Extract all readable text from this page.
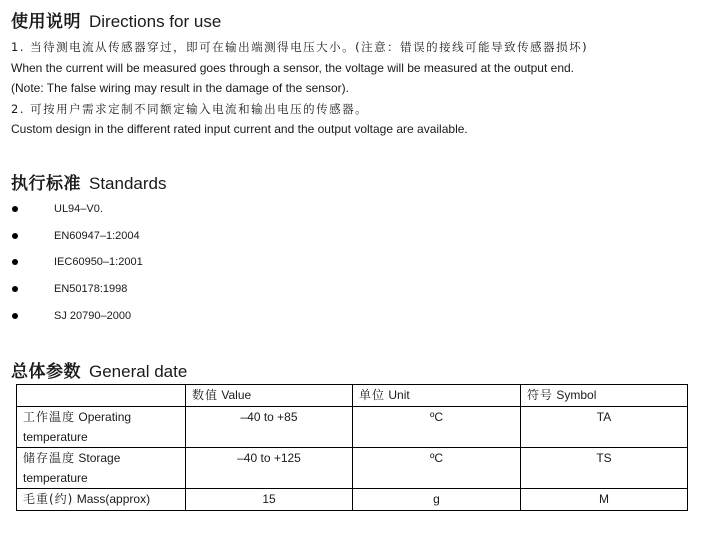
使用说明 Directions for use
1. 当待测电流从传感器穿过，即可在输出端测得电压大小。(注意：错误的接线可能导致传感器损坏)
When the current will be measured goes through a sensor, the voltage will be measured at the output end.
(Note: The false wiring may result in the damage of the sensor).
2. 可按用户需求定制不同额定输入电流和输出电压的传感器。
Custom design in the different rated input current and the output voltage are available.
执行标准 Standards
UL94–V0.
EN60947–1:2004
IEC60950–1:2001
EN50178:1998
SJ 20790–2000
总体参数 General date
	数值 Value	单位 Unit	符号 Symbol
工作温度 Operating
temperature	–40 to +85	ºC	TA
储存温度 Storage
temperature	–40 to +125	ºC	TS
毛重(约) Mass(approx)	15	g	M
